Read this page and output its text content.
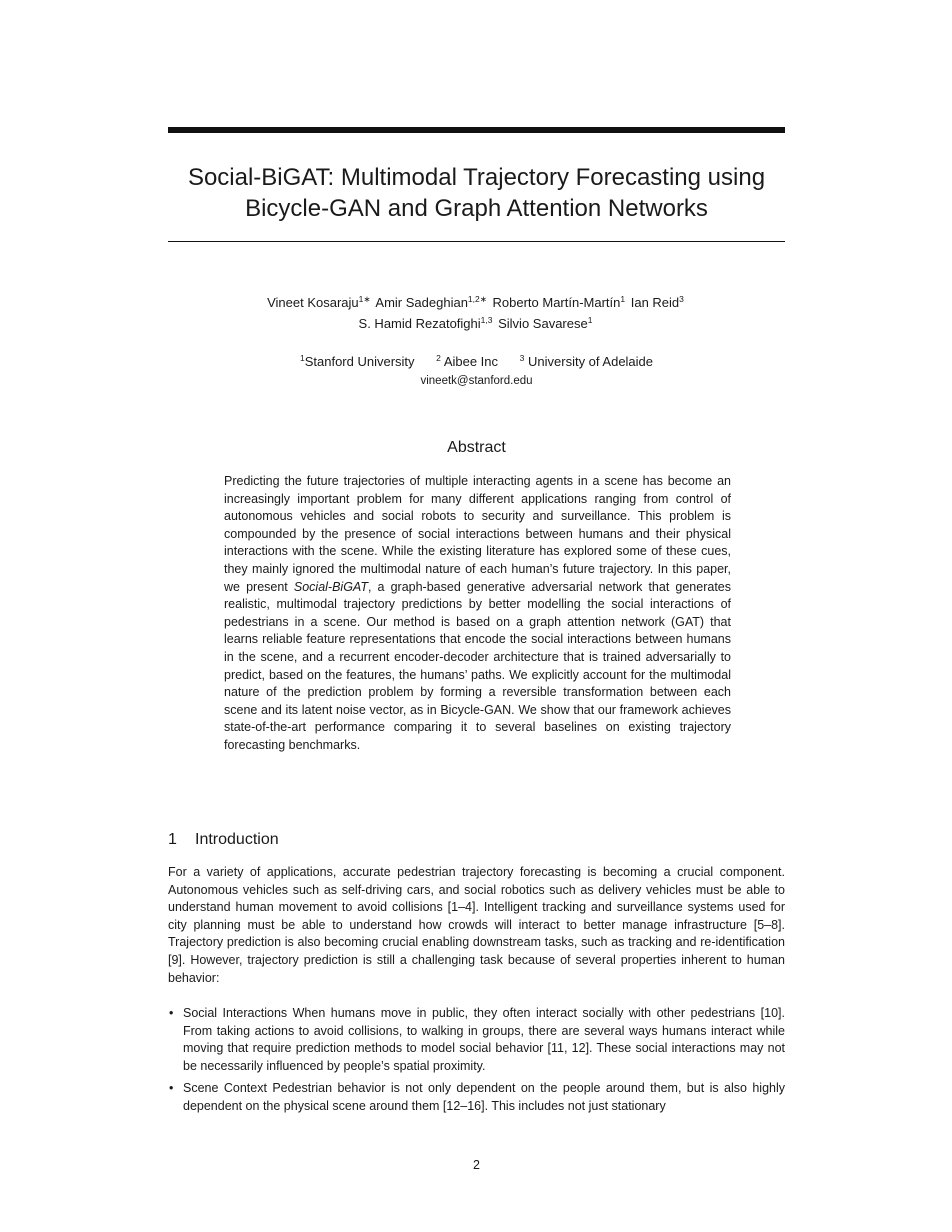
Social-BiGAT: Multimodal Trajectory Forecasting using
Bicycle-GAN and Graph Attention Networks
Vineet Kosaraju$^{1∗}$ Amir Sadeghian$^{1,2∗}$ Roberto Martín-Martín$^1$ Ian Reid$^3$
S. Hamid Rezatofighi$^{1,3}$ Silvio Savarese$^1$
$^1$Stanford University	$^2$ Aibee Inc	$^3$ University of Adelaide
vineetk@stanford.edu
Abstract
Predicting the future trajectories of multiple interacting agents in a scene has become an increasingly important problem for many different applications ranging from control of autonomous vehicles and social robots to security and surveillance. This problem is compounded by the presence of social interactions between humans and their physical interactions with the scene. While the existing literature has explored some of these cues, they mainly ignored the multimodal nature of each human’s future trajectory. In this paper, we present Social-BiGAT, a graph-based generative adversarial network that generates realistic, multimodal trajectory predictions by better modelling the social interactions of pedestrians in a scene. Our method is based on a graph attention network (GAT) that learns reliable feature representations that encode the social interactions between humans in the scene, and a recurrent encoder-decoder architecture that is trained adversarially to predict, based on the features, the humans’ paths. We explicitly account for the multimodal nature of the prediction problem by forming a reversible transformation between each scene and its latent noise vector, as in Bicycle-GAN. We show that our framework achieves state-of-the-art performance comparing it to several baselines on existing trajectory forecasting benchmarks.
1 Introduction
For a variety of applications, accurate pedestrian trajectory forecasting is becoming a crucial component. Autonomous vehicles such as self-driving cars, and social robotics such as delivery vehicles must be able to understand human movement to avoid collisions [1–4]. Intelligent tracking and surveillance systems used for city planning must be able to understand how crowds will interact to better manage infrastructure [5–8]. Trajectory prediction is also becoming crucial enabling downstream tasks, such as tracking and re-identification [9]. However, trajectory prediction is still a challenging task because of several properties inherent to human behavior:
• Social Interactions When humans move in public, they often interact socially with other pedestrians [10]. From taking actions to avoid collisions, to walking in groups, there are several ways humans interact while moving that require prediction methods to model social behavior [11, 12]. These social interactions may not be necessarily influenced by people’s spatial proximity.
• Scene Context Pedestrian behavior is not only dependent on the people around them, but is also highly dependent on the physical scene around them [12–16]. This includes not just stationary
2
